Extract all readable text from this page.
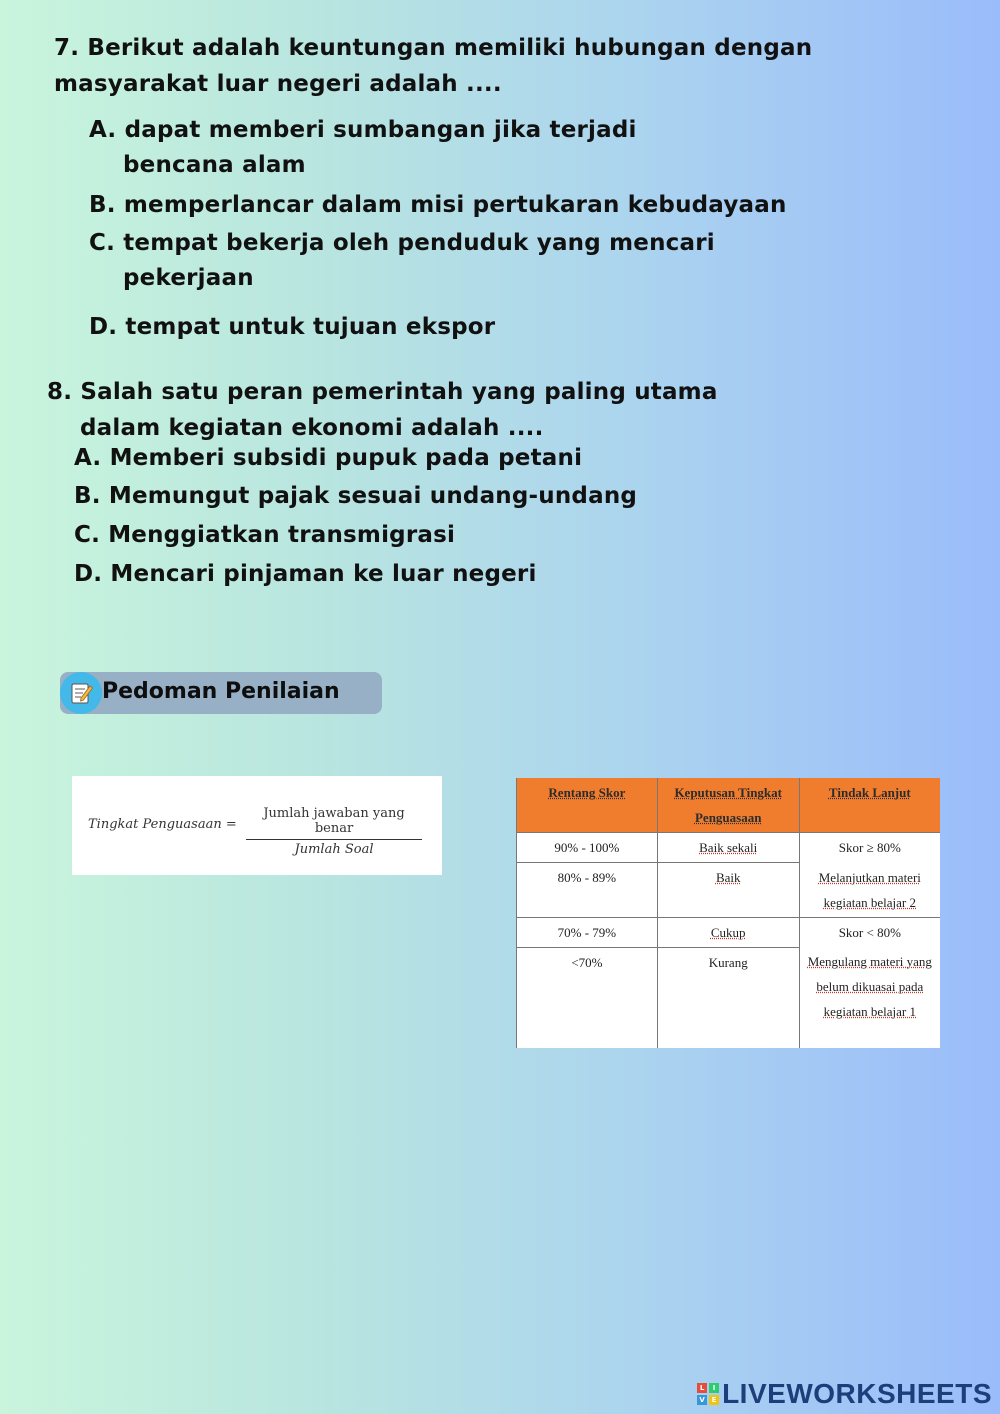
7. Berikut adalah keuntungan memiliki hubungan dengan
masyarakat luar negeri adalah ....

A. dapat memberi sumbangan jika terjadi
bencana alam
B. memperlancar dalam misi pertukaran kebudayaan
C. tempat bekerja oleh penduduk yang mencari
pekerjaan
D. tempat untuk tujuan ekspor

8. Salah satu peran pemerintah yang paling utama
dalam kegiatan ekonomi adalah ....

A. Memberi subsidi pupuk pada petani
B. Memungut pajak sesuai undang-undang
C. Menggiatkan transmigrasi
D. Mencari pinjaman ke luar negeri
Pedoman Penilaian
Tingkat Penguasaan =
Jumlah jawaban yang benar
Jumlah Soal
Rentang Skor	Keputusan Tingkat Penguasaan	Tindak Lanjut
90% - 100%	Baik sekali	Skor ≥ 80%
80% - 89%	Baik	Melanjutkan materi kegiatan belajar 2
70% - 79%	Cukup	Skor < 80%
<70%	Kurang	Mengulang materi yang belum dikuasai pada kegiatan belajar 1
L	I
V E LIVEWORKSHEETS
